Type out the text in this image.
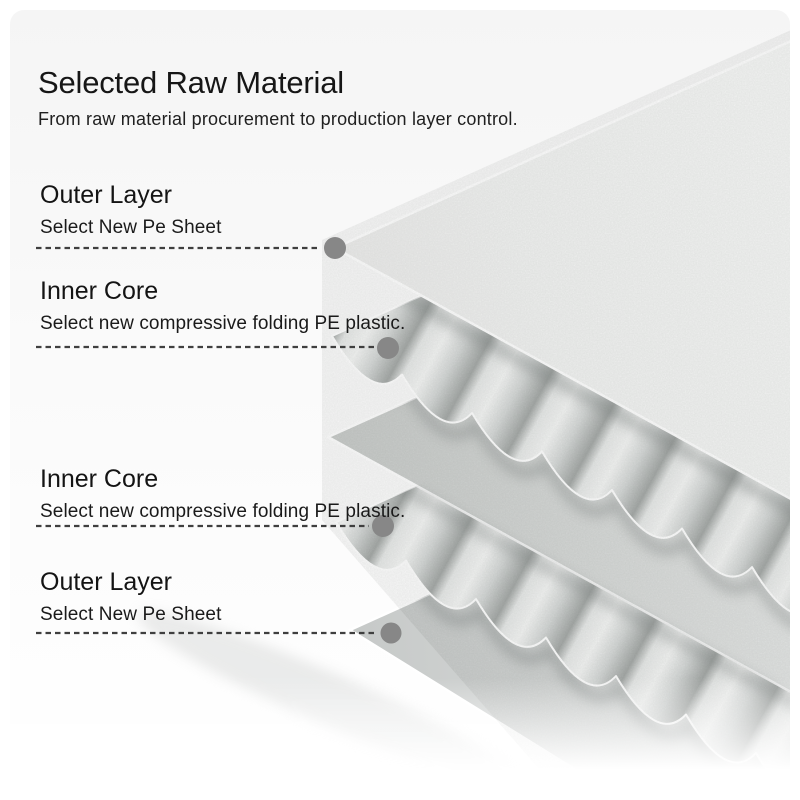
Selected Raw Material
From raw material procurement to production layer control.
Outer Layer
Select New Pe Sheet
Inner Core
Select new compressive folding PE plastic.
Inner Core
Select new compressive folding PE plastic.
Outer Layer
Select New Pe Sheet
